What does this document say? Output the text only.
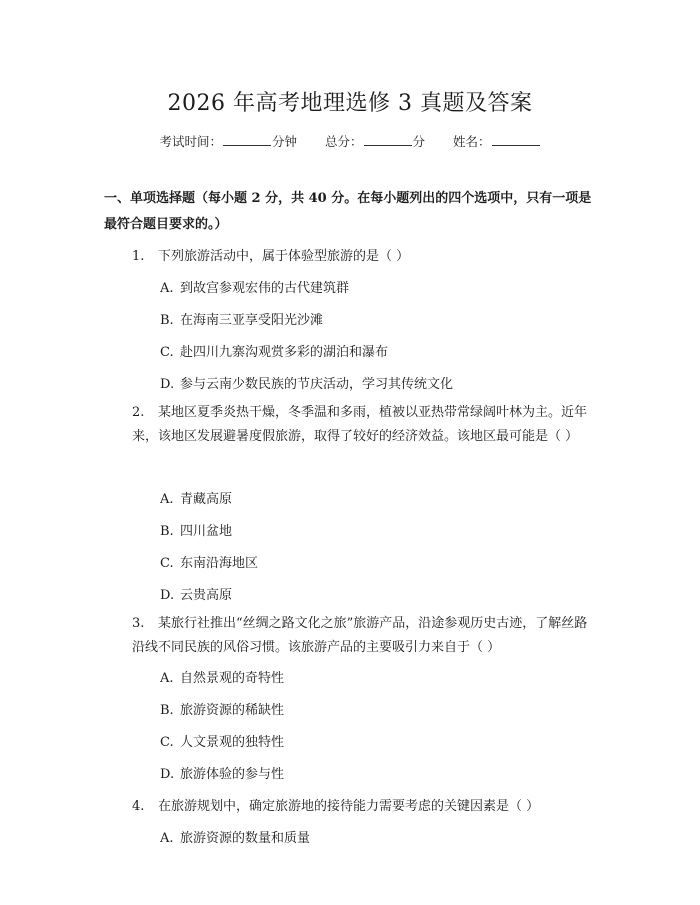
2026 年高考地理选修 3 真题及答案
考试时间：	分钟 总分：	分 姓名：
一、单项选择题（每小题 2 分，共 40 分。在每小题列出的四个选项中，只有一项是最符合题目要求的。）
1. 下列旅游活动中，属于体验型旅游的是（ ）
A. 到故宫参观宏伟的古代建筑群
B. 在海南三亚享受阳光沙滩
C. 赴四川九寨沟观赏多彩的湖泊和瀑布
D. 参与云南少数民族的节庆活动，学习其传统文化
2. 某地区夏季炎热干燥，冬季温和多雨，植被以亚热带常绿阔叶林为主。近年来，该地区发展避暑度假旅游，取得了较好的经济效益。该地区最可能是（ ）
A. 青藏高原
B. 四川盆地
C. 东南沿海地区
D. 云贵高原
3. 某旅行社推出“丝绸之路文化之旅”旅游产品，沿途参观历史古迹，了解丝路沿线不同民族的风俗习惯。该旅游产品的主要吸引力来自于（ ）
A. 自然景观的奇特性
B. 旅游资源的稀缺性
C. 人文景观的独特性
D. 旅游体验的参与性
4. 在旅游规划中，确定旅游地的接待能力需要考虑的关键因素是（ ）
A. 旅游资源的数量和质量
